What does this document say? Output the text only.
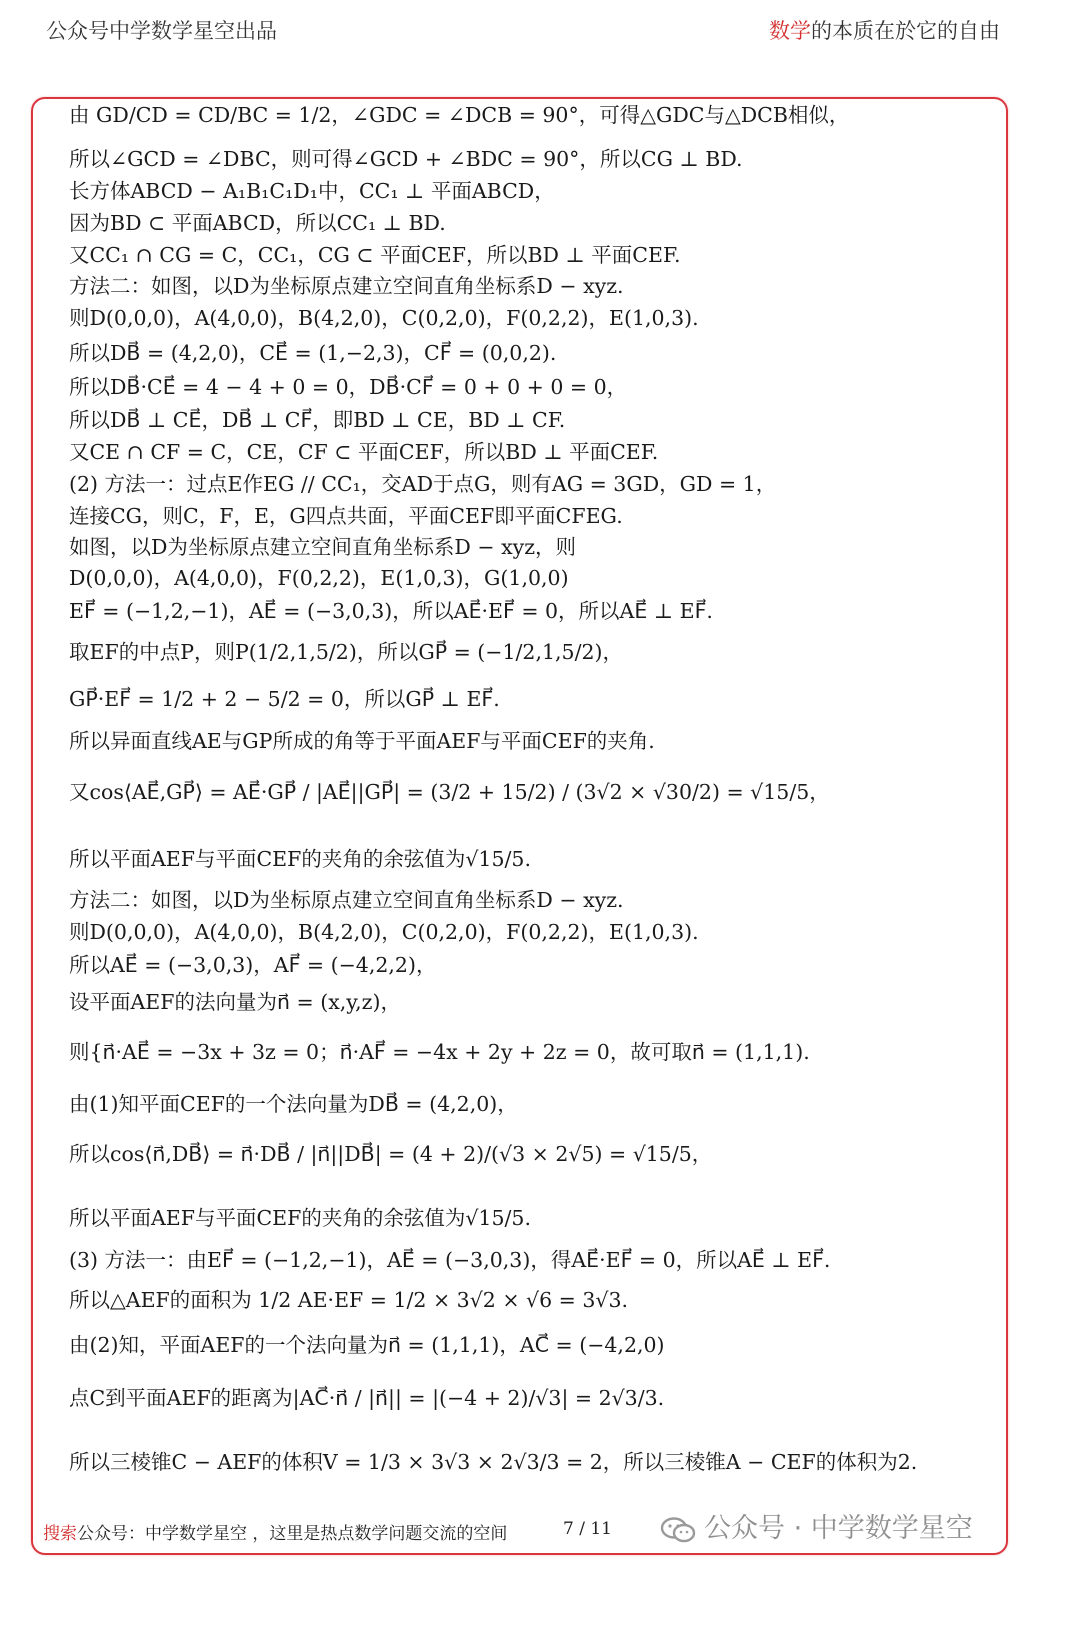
公众号中学数学星空出品	数学的本质在於它的自由
由 GD/CD = CD/BC = 1/2，∠GDC = ∠DCB = 90°，可得△GDC与△DCB相似，
所以∠GCD = ∠DBC，则可得∠GCD + ∠BDC = 90°，所以CG ⊥ BD.
长方体ABCD − A₁B₁C₁D₁中，CC₁ ⊥ 平面ABCD，
因为BD ⊂ 平面ABCD，所以CC₁ ⊥ BD.
又CC₁ ∩ CG = C，CC₁，CG ⊂ 平面CEF，所以BD ⊥ 平面CEF.
方法二：如图，以D为坐标原点建立空间直角坐标系D − xyz.
则D(0,0,0)，A(4,0,0)，B(4,2,0)，C(0,2,0)，F(0,2,2)，E(1,0,3).
所以DB⃗ = (4,2,0)，CE⃗ = (1,−2,3)，CF⃗ = (0,0,2).
所以DB⃗·CE⃗ = 4 − 4 + 0 = 0，DB⃗·CF⃗ = 0 + 0 + 0 = 0，
所以DB⃗ ⊥ CE⃗，DB⃗ ⊥ CF⃗，即BD ⊥ CE，BD ⊥ CF.
又CE ∩ CF = C，CE，CF ⊂ 平面CEF，所以BD ⊥ 平面CEF.
(2) 方法一：过点E作EG // CC₁，交AD于点G，则有AG = 3GD，GD = 1，
连接CG，则C，F，E，G四点共面，平面CEF即平面CFEG.
如图，以D为坐标原点建立空间直角坐标系D − xyz，则
D(0,0,0)，A(4,0,0)，F(0,2,2)，E(1,0,3)，G(1,0,0)
EF⃗ = (−1,2,−1)，AE⃗ = (−3,0,3)，所以AE⃗·EF⃗ = 0，所以AE⃗ ⊥ EF⃗.
取EF的中点P，则P(1/2,1,5/2)，所以GP⃗ = (−1/2,1,5/2)，
GP⃗·EF⃗ = 1/2 + 2 − 5/2 = 0，所以GP⃗ ⊥ EF⃗.
所以异面直线AE与GP所成的角等于平面AEF与平面CEF的夹角.
又cos⟨AE⃗,GP⃗⟩ = AE⃗·GP⃗ / |AE⃗||GP⃗| = (3/2 + 15/2) / (3√2 × √30/2) = √15/5，
所以平面AEF与平面CEF的夹角的余弦值为√15/5.
方法二：如图，以D为坐标原点建立空间直角坐标系D − xyz.
则D(0,0,0)，A(4,0,0)，B(4,2,0)，C(0,2,0)，F(0,2,2)，E(1,0,3).
所以AE⃗ = (−3,0,3)，AF⃗ = (−4,2,2)，
设平面AEF的法向量为n⃗ = (x,y,z)，
则{n⃗·AE⃗ = −3x + 3z = 0；n⃗·AF⃗ = −4x + 2y + 2z = 0，故可取n⃗ = (1,1,1).
由(1)知平面CEF的一个法向量为DB⃗ = (4,2,0)，
所以cos⟨n⃗,DB⃗⟩ = n⃗·DB⃗ / |n⃗||DB⃗| = (4 + 2)/(√3 × 2√5) = √15/5，
所以平面AEF与平面CEF的夹角的余弦值为√15/5.
(3) 方法一：由EF⃗ = (−1,2,−1)，AE⃗ = (−3,0,3)，得AE⃗·EF⃗ = 0，所以AE⃗ ⊥ EF⃗.
所以△AEF的面积为 1/2 AE·EF = 1/2 × 3√2 × √6 = 3√3.
由(2)知，平面AEF的一个法向量为n⃗ = (1,1,1)，AC⃗ = (−4,2,0)
点C到平面AEF的距离为|AC⃗·n⃗ / |n⃗|| = |(−4 + 2)/√3| = 2√3/3.
所以三棱锥C − AEF的体积V = 1/3 × 3√3 × 2√3/3 = 2，所以三棱锥A − CEF的体积为2.
搜索公众号：中学数学星空 ，这里是热点数学问题交流的空间	7 / 11	公众号 · 中学数学星空
